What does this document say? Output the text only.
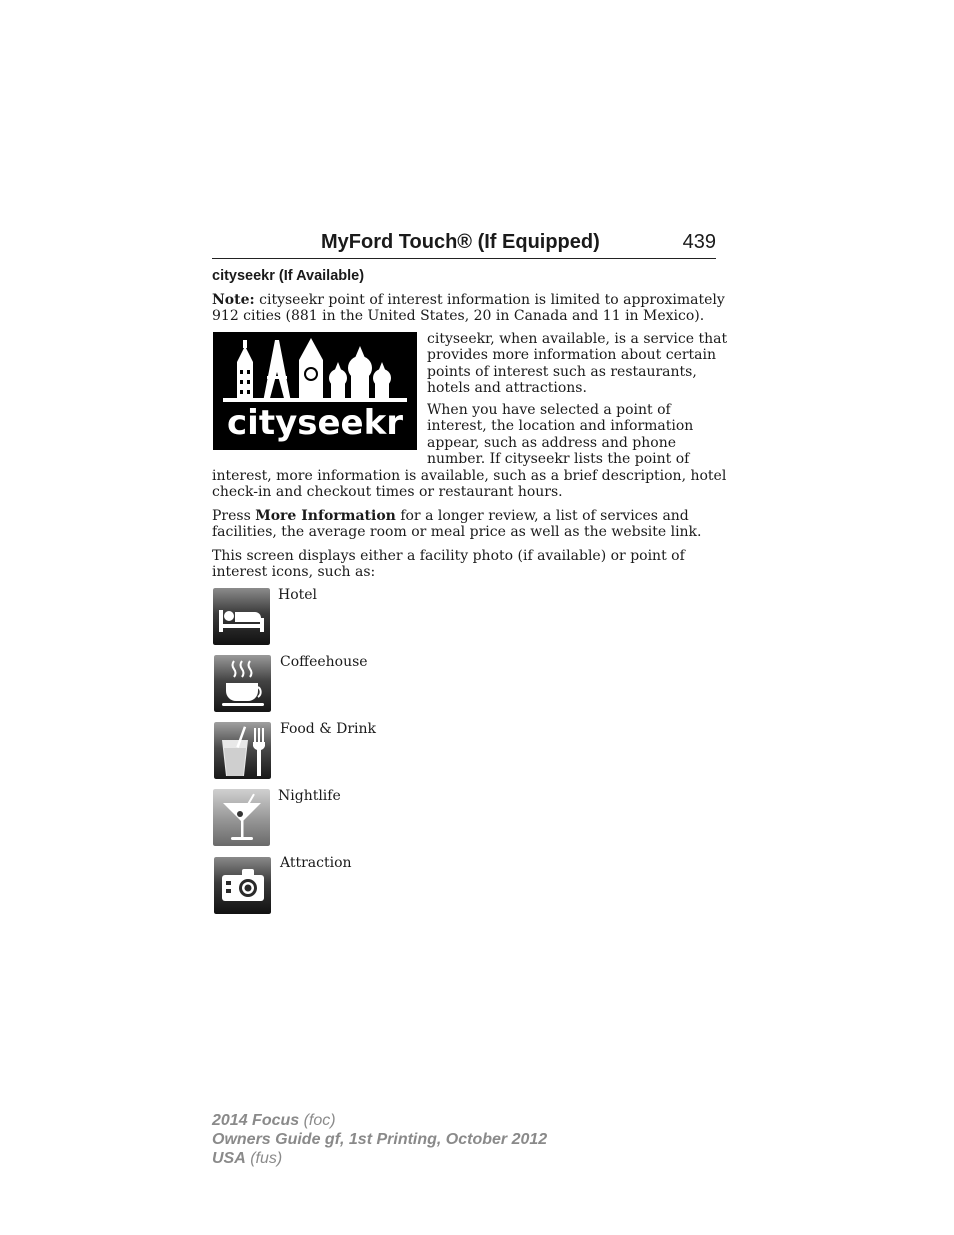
MyFord Touch® (If Equipped)	439
cityseekr (If Available)

Note: cityseekr point of interest information is limited to approximately
912 cities (881 in the United States, 20 in Canada and 11 in Mexico).

cityseekr

cityseekr, when available, is a service that
provides more information about certain
points of interest such as restaurants,
hotels and attractions.

When you have selected a point of
interest, the location and information
appear, such as address and phone
number. If cityseekr lists the point of

interest, more information is available, such as a brief description, hotel
check-in and checkout times or restaurant hours.

Press More Information for a longer review, a list of services and
facilities, the average room or meal price as well as the website link.

This screen displays either a facility photo (if available) or point of
interest icons, such as:

Hotel
Coffeehouse
Food & Drink
Nightlife
Attraction
2014 Focus (foc)
Owners Guide gf, 1st Printing, October 2012
USA (fus)
